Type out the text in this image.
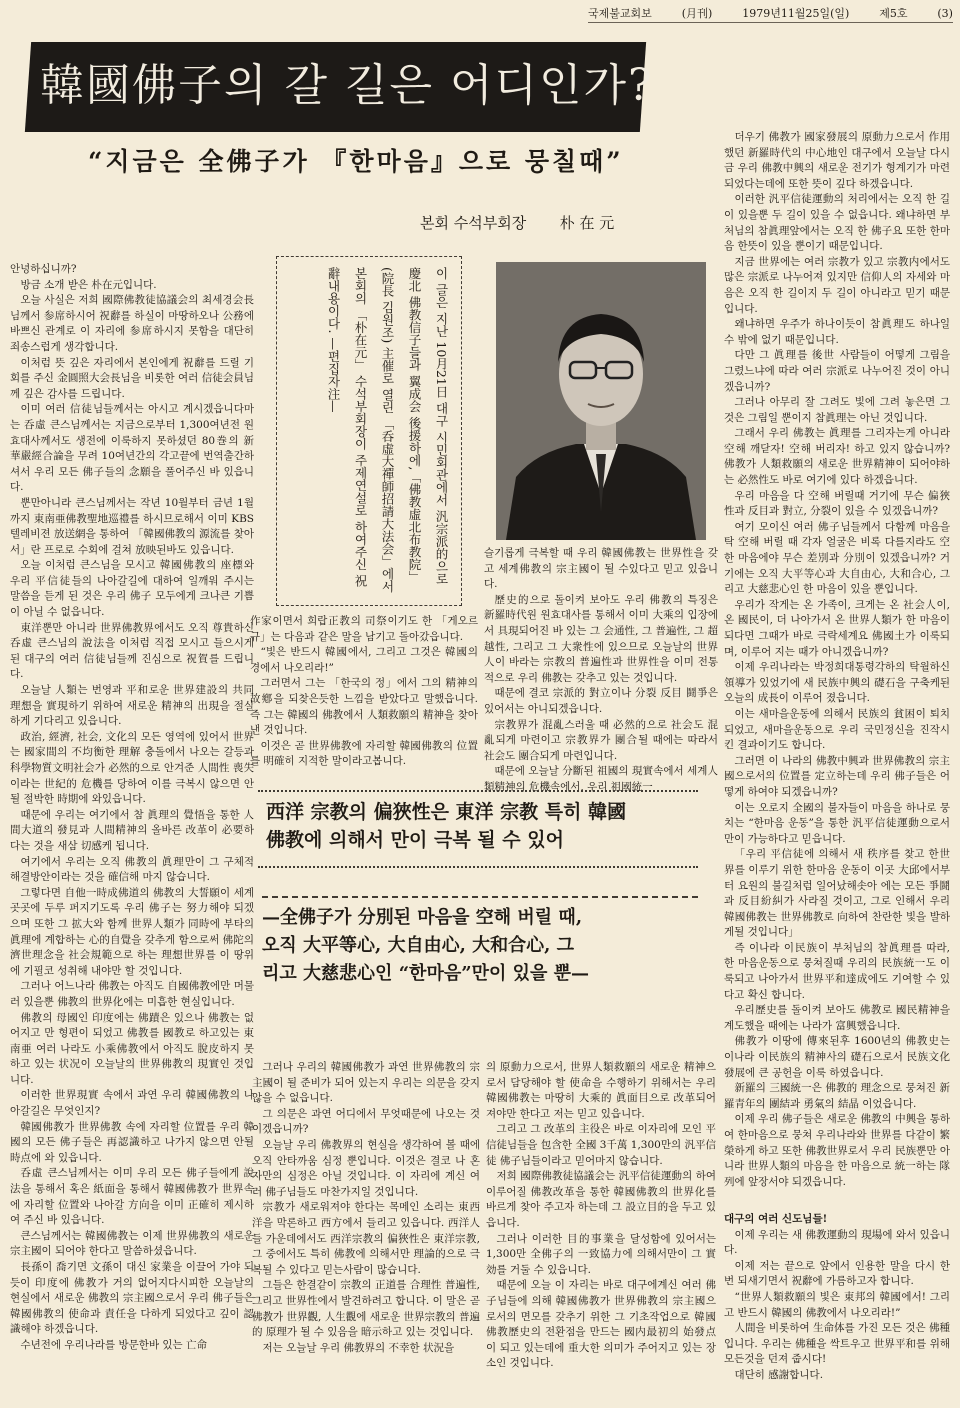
국제불교회보	(月刊)	1979년11월25일(일)	제5호	(3)
韓國佛子의 갈 길은 어디인가?
“지금은 全佛子가 『한마음』으로 뭉칠때”
본회 수석부회장 朴 在 元
이 글은 지난 10月21日 대구 시민회관에서 汎宗派的으로 慶北 佛教信子들과 翼成会 後援하에,「佛教虛北布教院」(院長 김원조) 主催로 열린 「呑虛大禪師招請大法会」에서 본회의 「朴在元」 수석부회장이 주제연설로 하여주신 祝辭내용이다. —편집자注—

안녕하십니까?

방금 소개 받은 朴在元입니다.

오늘 사실은 저희 國際佛教徒協議会의 최세경会長님께서 参席하시어 祝辭를 하실이 마땅하오나 公務에 바쁘신 관계로 이 자리에 参席하시지 못함을 대단히 죄송스럽게 생각합니다.

이처럼 뜻 깊은 자리에서 본인에게 祝辭를 드릴 기회를 주신 金圓照大会長님을 비롯한 여러 信徒会員님께 깊은 감사를 드립니다.

이미 여러 信徒님들께서는 아시고 계시겠읍니다마는 呑虛 큰스님께서는 지금으로부터 1,300여년전 원효대사께서도 생전에 이룩하지 못하셨던 80巻의 新華嚴經合論을 무려 10여년간의 각고끝에 번역출간하셔서 우리 모든 佛子들의 念願을 풀어주신 바 있읍니다.

뿐만아니라 큰스님께서는 작년 10월부터 금년 1월까지 東南亜佛教聖地巡禮를 하시므로해서 이미 KBS 텔레비젼 放送網을 통하여 「韓國佛教의 源流를 찾아서」란 프로로 수회에 걸쳐 放映된바도 있읍니다.

오늘 이처럼 큰스님을 모시고 韓國佛教의 座標와 우리 平信徒들의 나아갈길에 대하여 일깨워 주시는 말씀을 듣게 된 것은 우리 佛子 모두에게 크나큰 기쁨이 아닐 수 없읍니다.

東洋뿐만 아니라 世界佛教界에서도 오직 尊貴하신 呑虛 큰스님의 說法을 이처럼 직접 모시고 들으시게된 대구의 여러 信徒님들께 진심으로 祝賀를 드립니다.

오늘날 人類는 번영과 平和로운 世界建設의 共同理想을 實現하기 위하여 새로운 精神의 出現을 절실하게 기다리고 있읍니다.

政治, 經濟, 社会, 文化의 모든 영역에 있어서 世界는 國家間의 不均衡한 理解 충돌에서 나오는 갈등과 科學物質文明社会가 必然的으로 안겨준 人間性 喪失이라는 世紀的 危機를 당하여 이를 극복시 않으면 안될 절박한 時期에 와있읍니다.

때문에 우리는 여기에서 참 眞理의 覺悟을 통한 人間大道의 發見과 人間精神의 올바른 改革이 必要하다는 것을 새삼 切感케 됩니다.

여기에서 우리는 오직 佛教의 眞理만이 그 구체적 해결방안이라는 것을 確信해 마지 않습니다.

그렇다면 自他一時成佛道의 佛教의 大誓願이 세계 곳곳에 두루 퍼지기도록 우리 佛子는 努力해야 되겠으며 또한 그 拡大와 함께 世界人類가 同時에 부타의 眞理에 계합하는 心的自覺을 갖추게 함으로써 佛陀의 濟世理念을 社会規範으로 하는 理想世界를 이 땅위에 기필코 성취해 내야만 할 것입니다.

그러나 어느나라 佛教는 아직도 自國佛教에만 머물러 있을뿐 佛教의 世界化에는 미흡한 현실입니다.

佛教의 母國인 印度에는 佛蹟은 있으나 佛教는 없어지고 만 형편이 되었고 佛教를 國教로 하고있는 東南亜 여러 나라도 小乘佛教에서 아직도 脫皮하지 못하고 있는 状况이 오늘날의 世界佛教의 現實인 것입니다.

이러한 世界現實 속에서 과연 우리 韓國佛教의 나아갈길은 무엇인지?

韓國佛教가 世界佛教 속에 자리할 位置를 우리 韓國의 모든 佛子들은 再認識하고 나가지 않으면 안될 時点에 와 있읍니다.

呑虛 큰스님께서는 이미 우리 모든 佛子들에게 說法을 통해서 혹은 紙面을 통해서 韓國佛教가 世界속에 자리할 位置와 나아갈 方向을 이미 正確히 제시하여 주신 바 있읍니다.

큰스님께서는 韓國佛教는 이제 世界佛教의 새로운 宗主國이 되어야 한다고 말씀하셨읍니다.

長孫이 喬기면 文孫이 대신 家業을 이끌어 가야 되듯이 印度에 佛教가 거의 없어지다시피한 오늘날의 현실에서 새로운 佛教의 宗主國으로서 우리 佛子들은 韓國佛教의 使命과 責任을 다하게 되었다고 깊이 認識해야 하겠읍니다.

수년전에 우리나라를 방문한바 있는 亡命

作家이면서 희랍正教의 司祭이기도 한 「게오르규」는 다음과 같은 말을 남기고 돌아갔읍니다.

“빛은 반드시 韓國에서, 그리고 그것은 韓國의 경에서 나오리라!”

그러면서 그는 「한국의 정」에서 그의 精神의 故鄕을 되찾은듯한 느낌을 받았다고 말했읍니다. 즉 그는 韓國의 佛教에서 人類救願의 精神을 찾아낸 것입니다.

이것은 곧 世界佛教에 자리할 韓國佛教의 位置를 明確히 지적한 말이라고봅니다.

슬기롭게 극복할 때 우리 韓國佛教는 世界性을 갖고 세계佛教의 宗主國이 될 수있다고 믿고 있읍니다.

歷史的으로 돌이켜 보아도 우리 佛教의 특징은 新羅時代원 원효대사를 통해서 이미 大乘의 입장에서 具現되어진 바 있는 그 会通性, 그 普遍性, 그 超越性, 그리고 그 大衆性에 있으므로 오늘날의 世界人이 바라는 宗教의 普遍性과 世界性을 이미 전통적으로 우리 佛教는 갖추고 있는 것입니다.

때문에 결코 宗派的 對立이나 分裂 反目 鬪爭은 있어서는 아니되겠읍니다.

宗教界가 混亂스러울 때 必然的으로 社会도 混亂되게 마련이고 宗教界가 團合될 때에는 따라서 社会도 團合되게 마련입니다.

때문에 오늘날 分斷된 祖國의 現實속에서 세계人類精神의 危機속에서, 우리 祖國統一

더우기 佛教가 國家發展의 原動力으로서 作用했던 新羅時代의 中心地인 대구에서 오늘날 다시금 우리 佛教中興의 새로운 전기가 형계기가 마련되었다는데에 또한 뜻이 깊다 하겠읍니다.

이러한 汎平信徒運動의 처리에서는 오직 한 길이 있을뿐 두 길이 있을 수 없읍니다. 왜냐하면 부처님의 참眞理앞에서는 오직 한 佛子요 또한 한마음 한뜻이 있을 뿐이기 때문입니다.

지금 世界에는 여러 宗教가 있고 宗教内에서도 많은 宗派로 나누어져 있지만 信仰人의 자세와 마음은 오직 한 길이지 두 길이 아니라고 믿기 때문입니다.

왜냐하면 우주가 하나이듯이 참眞理도 하나일 수 밖에 없기 때문입니다.

다만 그 眞理를 後世 사람들이 어떻게 그림을 그렸느냐에 따라 여러 宗派로 나누어진 것이 아니겠읍니까?

그러나 아무리 잘 그려도 빛에 그려 놓은면 그것은 그림일 뿐이지 참眞理는 아닌 것입니다.

그래서 우리 佛教는 眞理를 그리자는게 아니라 空해 깨닫자! 空해 버리자! 하고 있지 않습니까? 佛教가 人類救願의 새로운 世界精神이 되어야하는 必然性도 바로 여기에 있다 하겠읍니다.

우리 마음을 다 空해 버릴때 거기에 무슨 偏狹性과 反目과 對立, 分裂이 있을 수 있겠읍니까?

여기 모이신 여러 佛子님들께서 다함께 마음을 탁 空해 버릴 때 각자 얼굴은 비록 다를지라도 空한 마음에야 무슨 差別과 分別이 있겠읍니까? 거기에는 오직 大平等心과 大自由心, 大和合心, 그리고 大慈悲心인 한 마음이 있을 뿐입니다.

우리가 작게는 온 가족이, 크게는 온 社会人이, 온 國民이, 더 나아가서 온 世界人類가 한 마음이 되다면 그때가 바로 극락세계요 佛國土가 이룩되며, 이루어 지는 때가 아니겠읍니까?

이제 우리나라는 박정희대통령각하의 탁월하신 領導가 있었기에 새 民族中興의 礎石을 구축케된 오늘의 成長이 이루어 졌읍니다.

이는 새마을운동에 의해서 民族의 貧困이 퇴치 되었고, 새마을운동으로 우리 국민정신을 진작시킨 결과이기도 합니다.

그러면 이 나라의 佛教中興과 世界佛教의 宗主國으로서의 位置를 定立하는데 우리 佛子들은 어떻게 하여야 되겠읍니까?

이는 오로지 全國의 불자들이 마음을 하나로 뭉치는 “한마음 운동”을 통한 汎平信徒運動으로서만이 가능하다고 믿읍니다.

「우리 平信徒에 의해서 새 秩序를 찾고 한世界를 이루기 위한 한마음 운동이 이곳 大邱에서부터 요원의 불길처럼 일어났해솟아 에는 모든 爭鬪과 反目紛糾가 사라질 것이고, 그로 인해서 우리 韓國佛教는 世界佛教로 向하여 찬란한 빛을 발하게될 것입니다」

즉 이나라 이民族이 부처님의 참眞理를 따라, 한 마음운동으로 뭉쳐질때 우리의 民族統一도 이룩되고 나아가서 世界平和達成에도 기여할 수 있다고 확신 합니다.

우리歷史를 돌이켜 보아도 佛教로 國民精神을 계도했을 때에는 나라가 富興했읍니다.

佛教가 이땅에 傳來된후 1600년의 佛教史는 이나라 이民族의 精神사의 礎石으로서 民族文化 發展에 큰 공헌을 이룩 하였읍니다.

新羅의 三國統一은 佛教的 理念으로 뭉쳐진 新羅青年의 團結과 勇氣의 結晶 이었읍니다.

이제 우리 佛子들은 새로운 佛教의 中興을 통하여 한마음으로 뭉쳐 우리나라와 世界를 다같이 繁榮하게 하고 또한 佛教世界로서 우리 民族뿐만 아니라 世界人類의 마음을 한 마음으로 統一하는 隊列에 앞장서야 되겠읍니다.

대구의 여러 신도님들!

이제 우리는 새 佛教運動의 現場에 와서 있읍니다.

이제 저는 끝으로 앞에서 인용한 말을 다시 한번 되새기면서 祝辭에 가름하고자 합니다.

“世界人類救願의 빛은 東邦의 韓國에서! 그리고 반드시 韓國의 佛教에서 나오리라!”

人間을 비롯하여 生命体를 가진 모든 것은 佛種입니다. 우리는 佛種을 싹트우고 世界平和를 위해 모든것을 던져 줍시다!

대단히 感謝합니다.

西洋 宗教의 偏狹性은 東洋 宗教 특히 韓國

佛教에 의해서 만이 극복 될 수 있어

—全佛子가 分別된 마음을 空해 버릴 때,

오직 大平等心, 大自由心, 大和合心, 그

리고 大慈悲心인 “한마음”만이 있을 뿐—

그러나 우리의 韓國佛教가 과연 世界佛教의 宗主國이 될 준비가 되어 있는지 우리는 의문을 갖지 않을 수 없읍니다.

그 의문은 과연 어디에서 무엇때문에 나오는 것이겠읍니까?

오늘날 우리 佛教界의 현실을 생각하여 볼 때에 오직 안타까움 심정 뿐입니다. 이것은 결코 나 혼자만의 심정은 아닐 것입니다. 이 자리에 계신 여러 佛子님들도 마찬가지일 것입니다.

宗教가 새로워져야 한다는 목메인 소리는 東西洋을 막론하고 西方에서 들리고 있읍니다. 西洋人들 가운데에서도 西洋宗教의 偏狹性은 東洋宗教, 그 중에서도 특히 佛教에 의해서만 理論的으로 극복될 수 있다고 믿는사람이 많습니다.

그들은 한결같이 宗教의 正道를 合理性 普遍性, 그리고 世界性에서 발견하려고 합니다. 이 말은 곧 佛教가 世界觀, 人生觀에 새로운 世界宗教의 普遍的 原理가 될 수 있음을 暗示하고 있는 것입니다.

저는 오늘날 우리 佛教界의 不幸한 状況을

의 原動力으로서, 世界人類救願의 새로운 精神으로서 담당해야 할 使命을 수행하기 위해서는 우리 韓國佛教는 마땅히 大乘的 眞面目으로 改革되어져야만 한다고 저는 믿고 있읍니다.

그리고 그 改革의 主役은 바로 이자리에 모인 平信徒님들을 包含한 全國 3千萬 1,300만의 汎平信徒 佛子님들이라고 믿어마지 않습니다.

저희 國際佛教徒協議会는 汎平信徒運動의 하여 이루어질 佛教改革을 통한 韓國佛教의 世界化를 바르게 찾아 주고자 하는데 그 設立目的을 두고 있읍니다.

그러나 이러한 目的事業을 달성함에 있어서는 1,300만 全佛子의 一致協力에 의해서만이 그 實効를 거둘 수 있읍니다.

때문에 오늘 이 자리는 바로 대구에계신 여러 佛子님들에 의해 韓國佛教가 世界佛教의 宗主國으로서의 면모를 갖추기 위한 그 기초작업으로 韓國佛教歷史의 전환점을 만드는 國内最初의 始發点이 되고 있는데에 重大한 의미가 주어지고 있는 장소인 것입니다.
